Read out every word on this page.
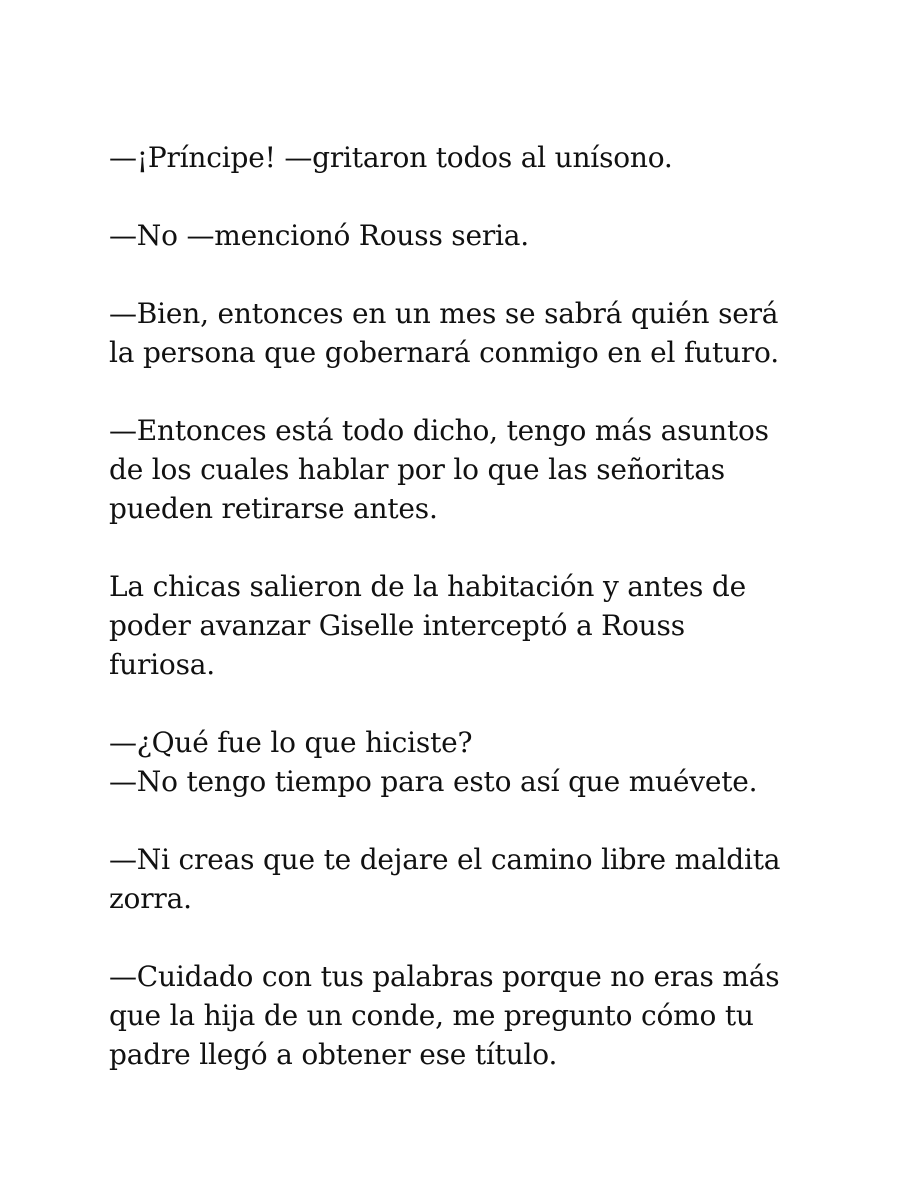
—¡Príncipe! —gritaron todos al unísono.

—No —mencionó Rouss seria.

—Bien, entonces en un mes se sabrá quién será
la persona que gobernará conmigo en el futuro.

—Entonces está todo dicho, tengo más asuntos
de los cuales hablar por lo que las señoritas
pueden retirarse antes.

La chicas salieron de la habitación y antes de
poder avanzar Giselle interceptó a Rouss
furiosa.

—¿Qué fue lo que hiciste?

—No tengo tiempo para esto así que muévete.

—Ni creas que te dejare el camino libre maldita
zorra.

—Cuidado con tus palabras porque no eras más
que la hija de un conde, me pregunto cómo tu
padre llegó a obtener ese título.
